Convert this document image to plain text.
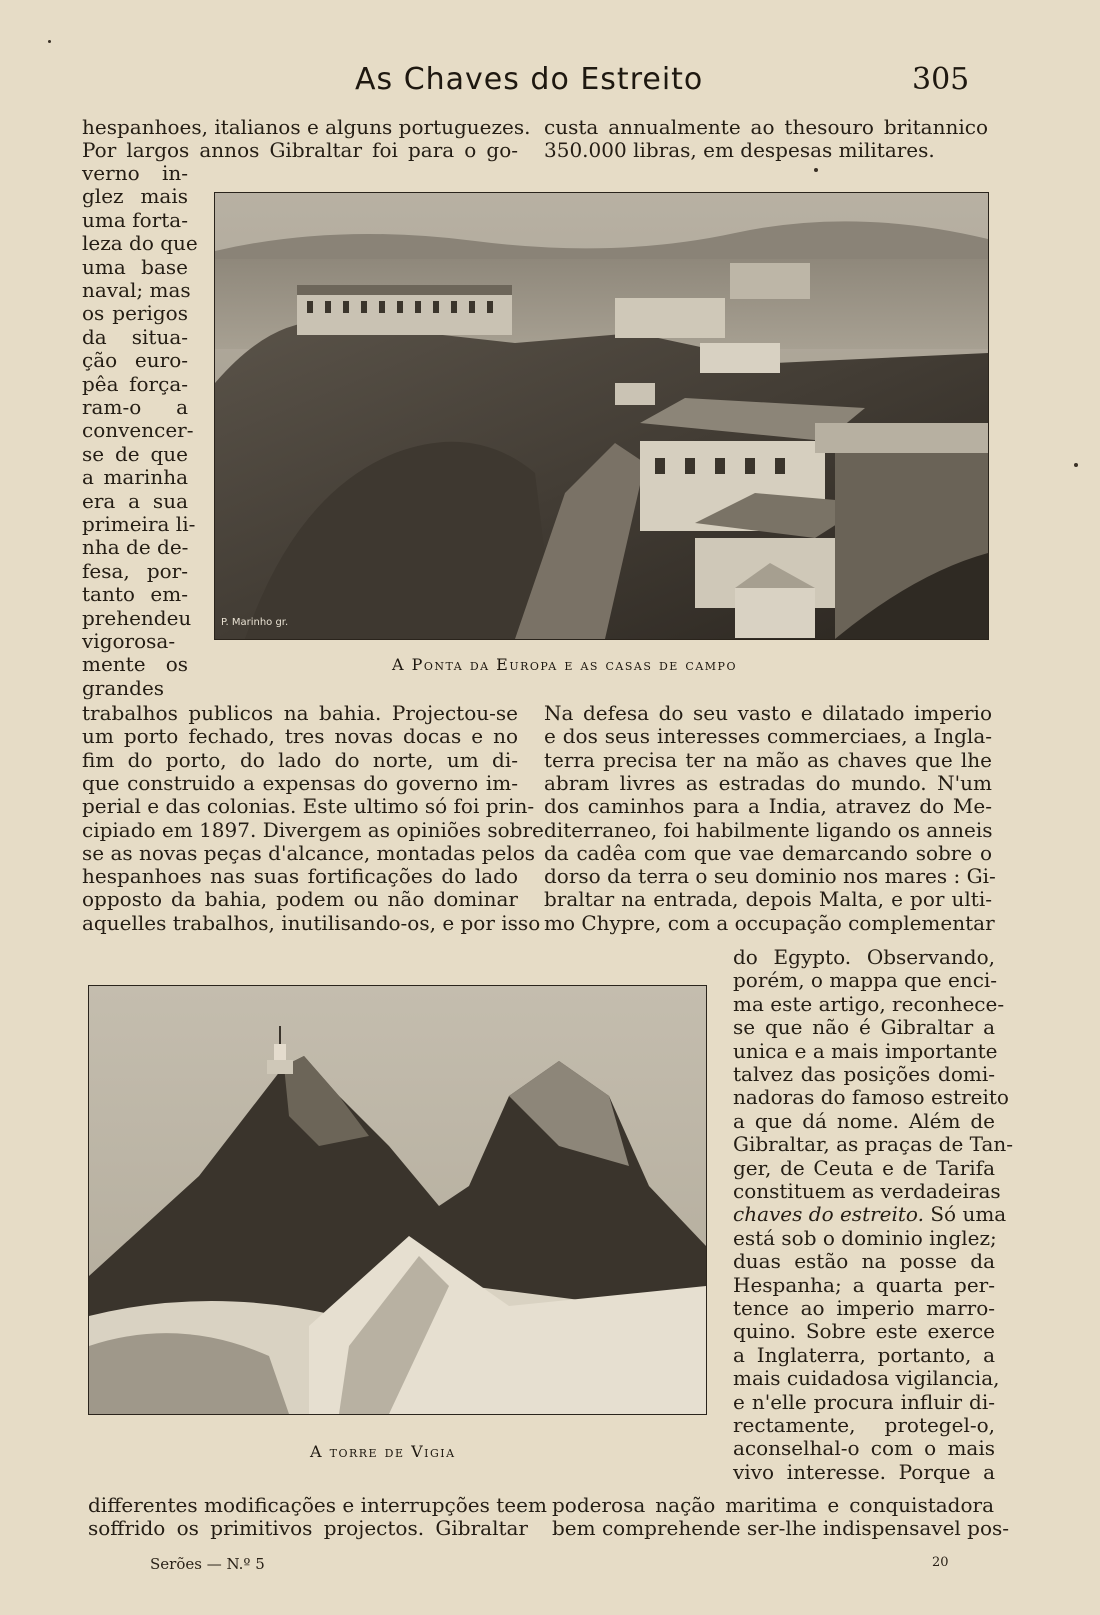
As Chaves do Estreito	305
hespanhoes, italianos e alguns portuguezes.
Por largos annos Gibraltar foi para o go-
custa annualmente ao thesouro britannico
350.000 libras, em despesas militares.
verno in-
glez mais
uma forta-
leza do que
uma base
naval; mas
os perigos
da situa-
ção euro-
pêa força-
ram-o a
convencer-
se de que
a marinha
era a sua
primeira li-
nha de de-
fesa, por-
tanto em-
prehendeu
vigorosa-
mente os
grandes
P. Marinho gr.
A Ponta da Europa e as casas de campo
trabalhos publicos na bahia. Projectou-se
um porto fechado, tres novas docas e no
fim do porto, do lado do norte, um di-
que construido a expensas do governo im-
perial e das colonias. Este ultimo só foi prin-
cipiado em 1897. Divergem as opiniões sobre
se as novas peças d'alcance, montadas pelos
hespanhoes nas suas fortificações do lado
opposto da bahia, podem ou não dominar
aquelles trabalhos, inutilisando-os, e por isso
Na defesa do seu vasto e dilatado imperio
e dos seus interesses commerciaes, a Ingla-
terra precisa ter na mão as chaves que lhe
abram livres as estradas do mundo. N'um
dos caminhos para a India, atravez do Me-
diterraneo, foi habilmente ligando os anneis
da cadêa com que vae demarcando sobre o
dorso da terra o seu dominio nos mares : Gi-
braltar na entrada, depois Malta, e por ulti-
mo Chypre, com a occupação complementar
A torre de Vigia
do Egypto. Observando,
porém, o mappa que enci-
ma este artigo, reconhece-
se que não é Gibraltar a
unica e a mais importante
talvez das posições domi-
nadoras do famoso estreito
a que dá nome. Além de
Gibraltar, as praças de Tan-
ger, de Ceuta e de Tarifa
constituem as verdadeiras
chaves do estreito. Só uma
está sob o dominio inglez;
duas estão na posse da
Hespanha; a quarta per-
tence ao imperio marro-
quino. Sobre este exerce
a Inglaterra, portanto, a
mais cuidadosa vigilancia,
e n'elle procura influir di-
rectamente, protegel-o,
aconselhal-o com o mais
vivo interesse. Porque a
differentes modificações e interrupções teem
soffrido os primitivos projectos. Gibraltar
poderosa nação maritima e conquistadora
bem comprehende ser-lhe indispensavel pos-
Serões — N.º 5	20
